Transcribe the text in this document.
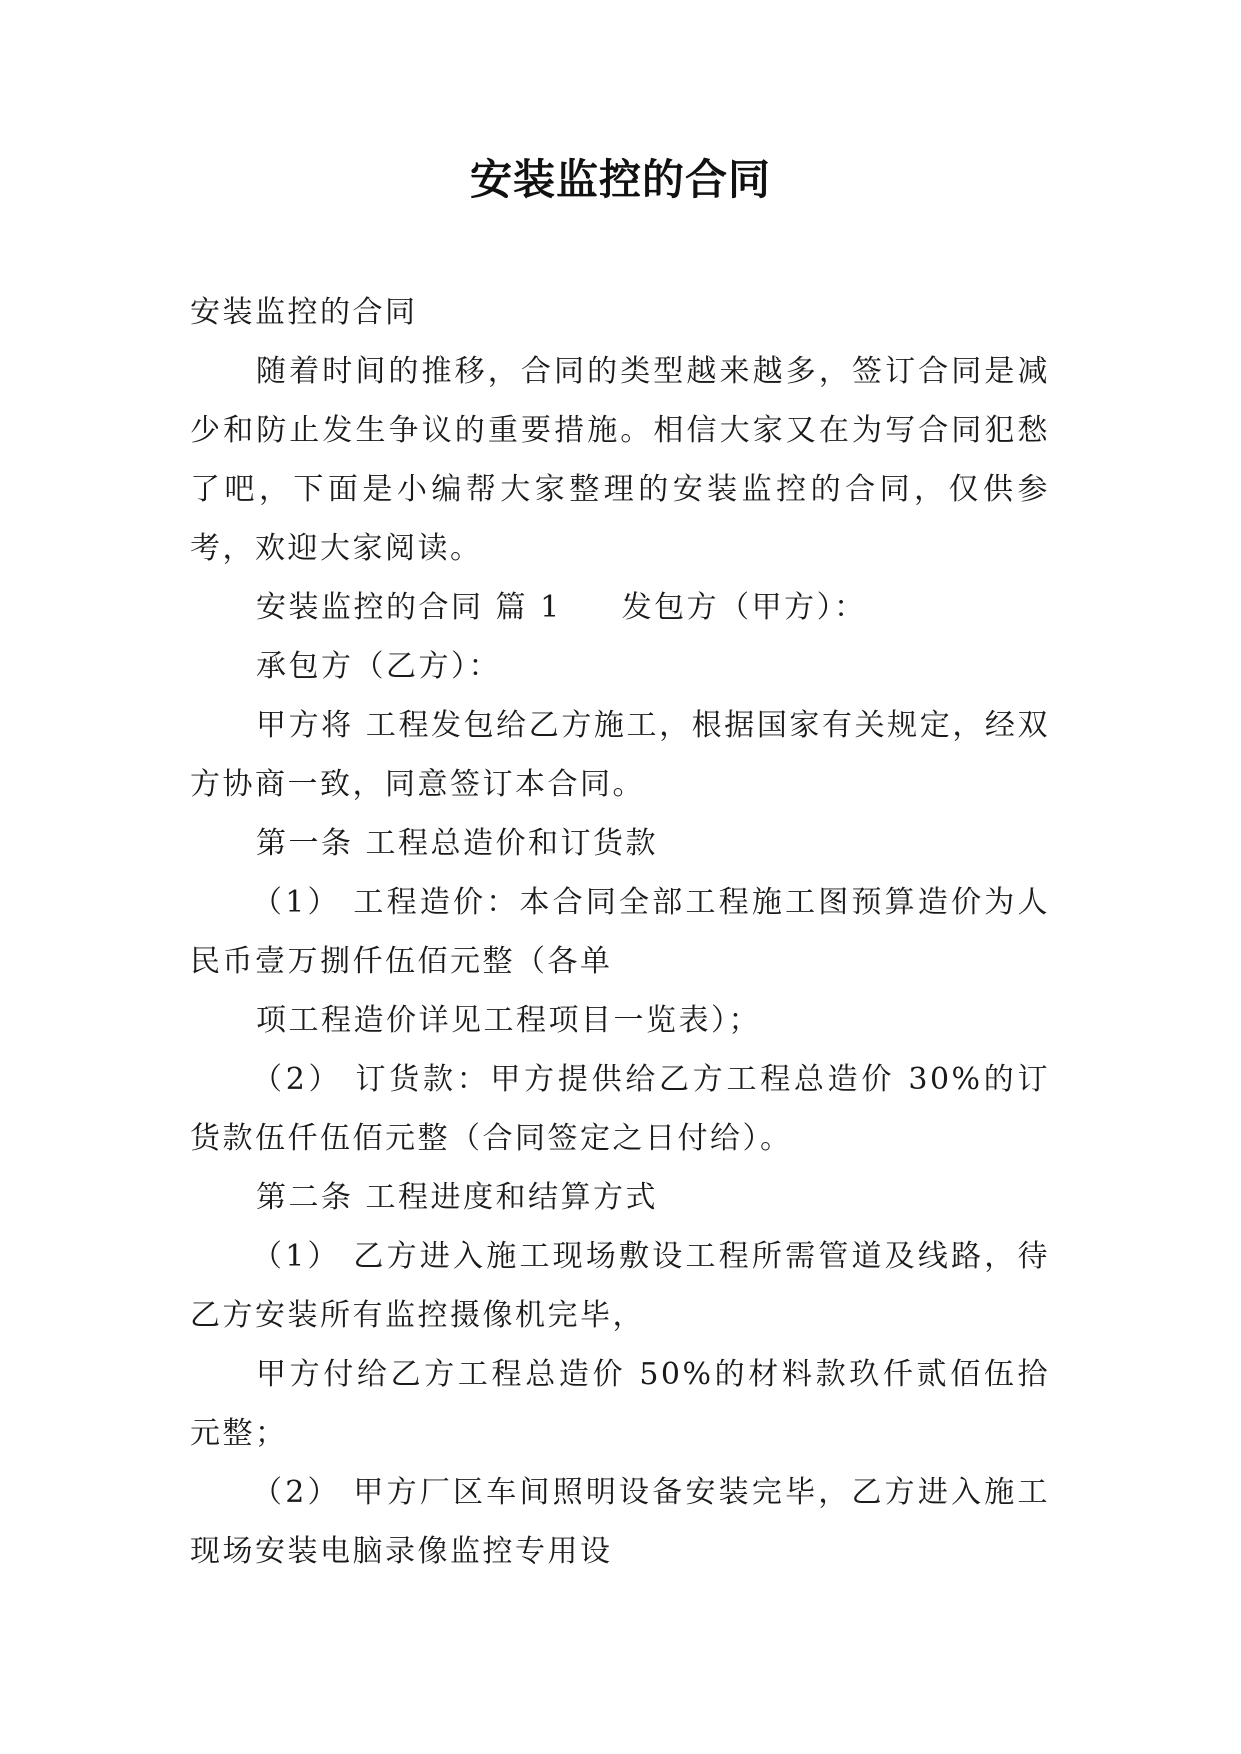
安装监控的合同

安装监控的合同

随着时间的推移，合同的类型越来越多，签订合同是减少和防止发生争议的重要措施。相信大家又在为写合同犯愁了吧，下面是小编帮大家整理的安装监控的合同，仅供参考，欢迎大家阅读。

安装监控的合同 篇 1 发包方（甲方）：

承包方（乙方）：

甲方将 工程发包给乙方施工，根据国家有关规定，经双方协商一致，同意签订本合同。

第一条 工程总造价和订货款

（1） 工程造价：本合同全部工程施工图预算造价为人民币壹万捌仟伍佰元整（各单

项工程造价详见工程项目一览表）；

（2） 订货款：甲方提供给乙方工程总造价 30%的订货款伍仟伍佰元整（合同签定之日付给）。

第二条 工程进度和结算方式

（1） 乙方进入施工现场敷设工程所需管道及线路，待乙方安装所有监控摄像机完毕，

甲方付给乙方工程总造价 50%的材料款玖仟贰佰伍拾元整；

（2） 甲方厂区车间照明设备安装完毕，乙方进入施工现场安装电脑录像监控专用设
